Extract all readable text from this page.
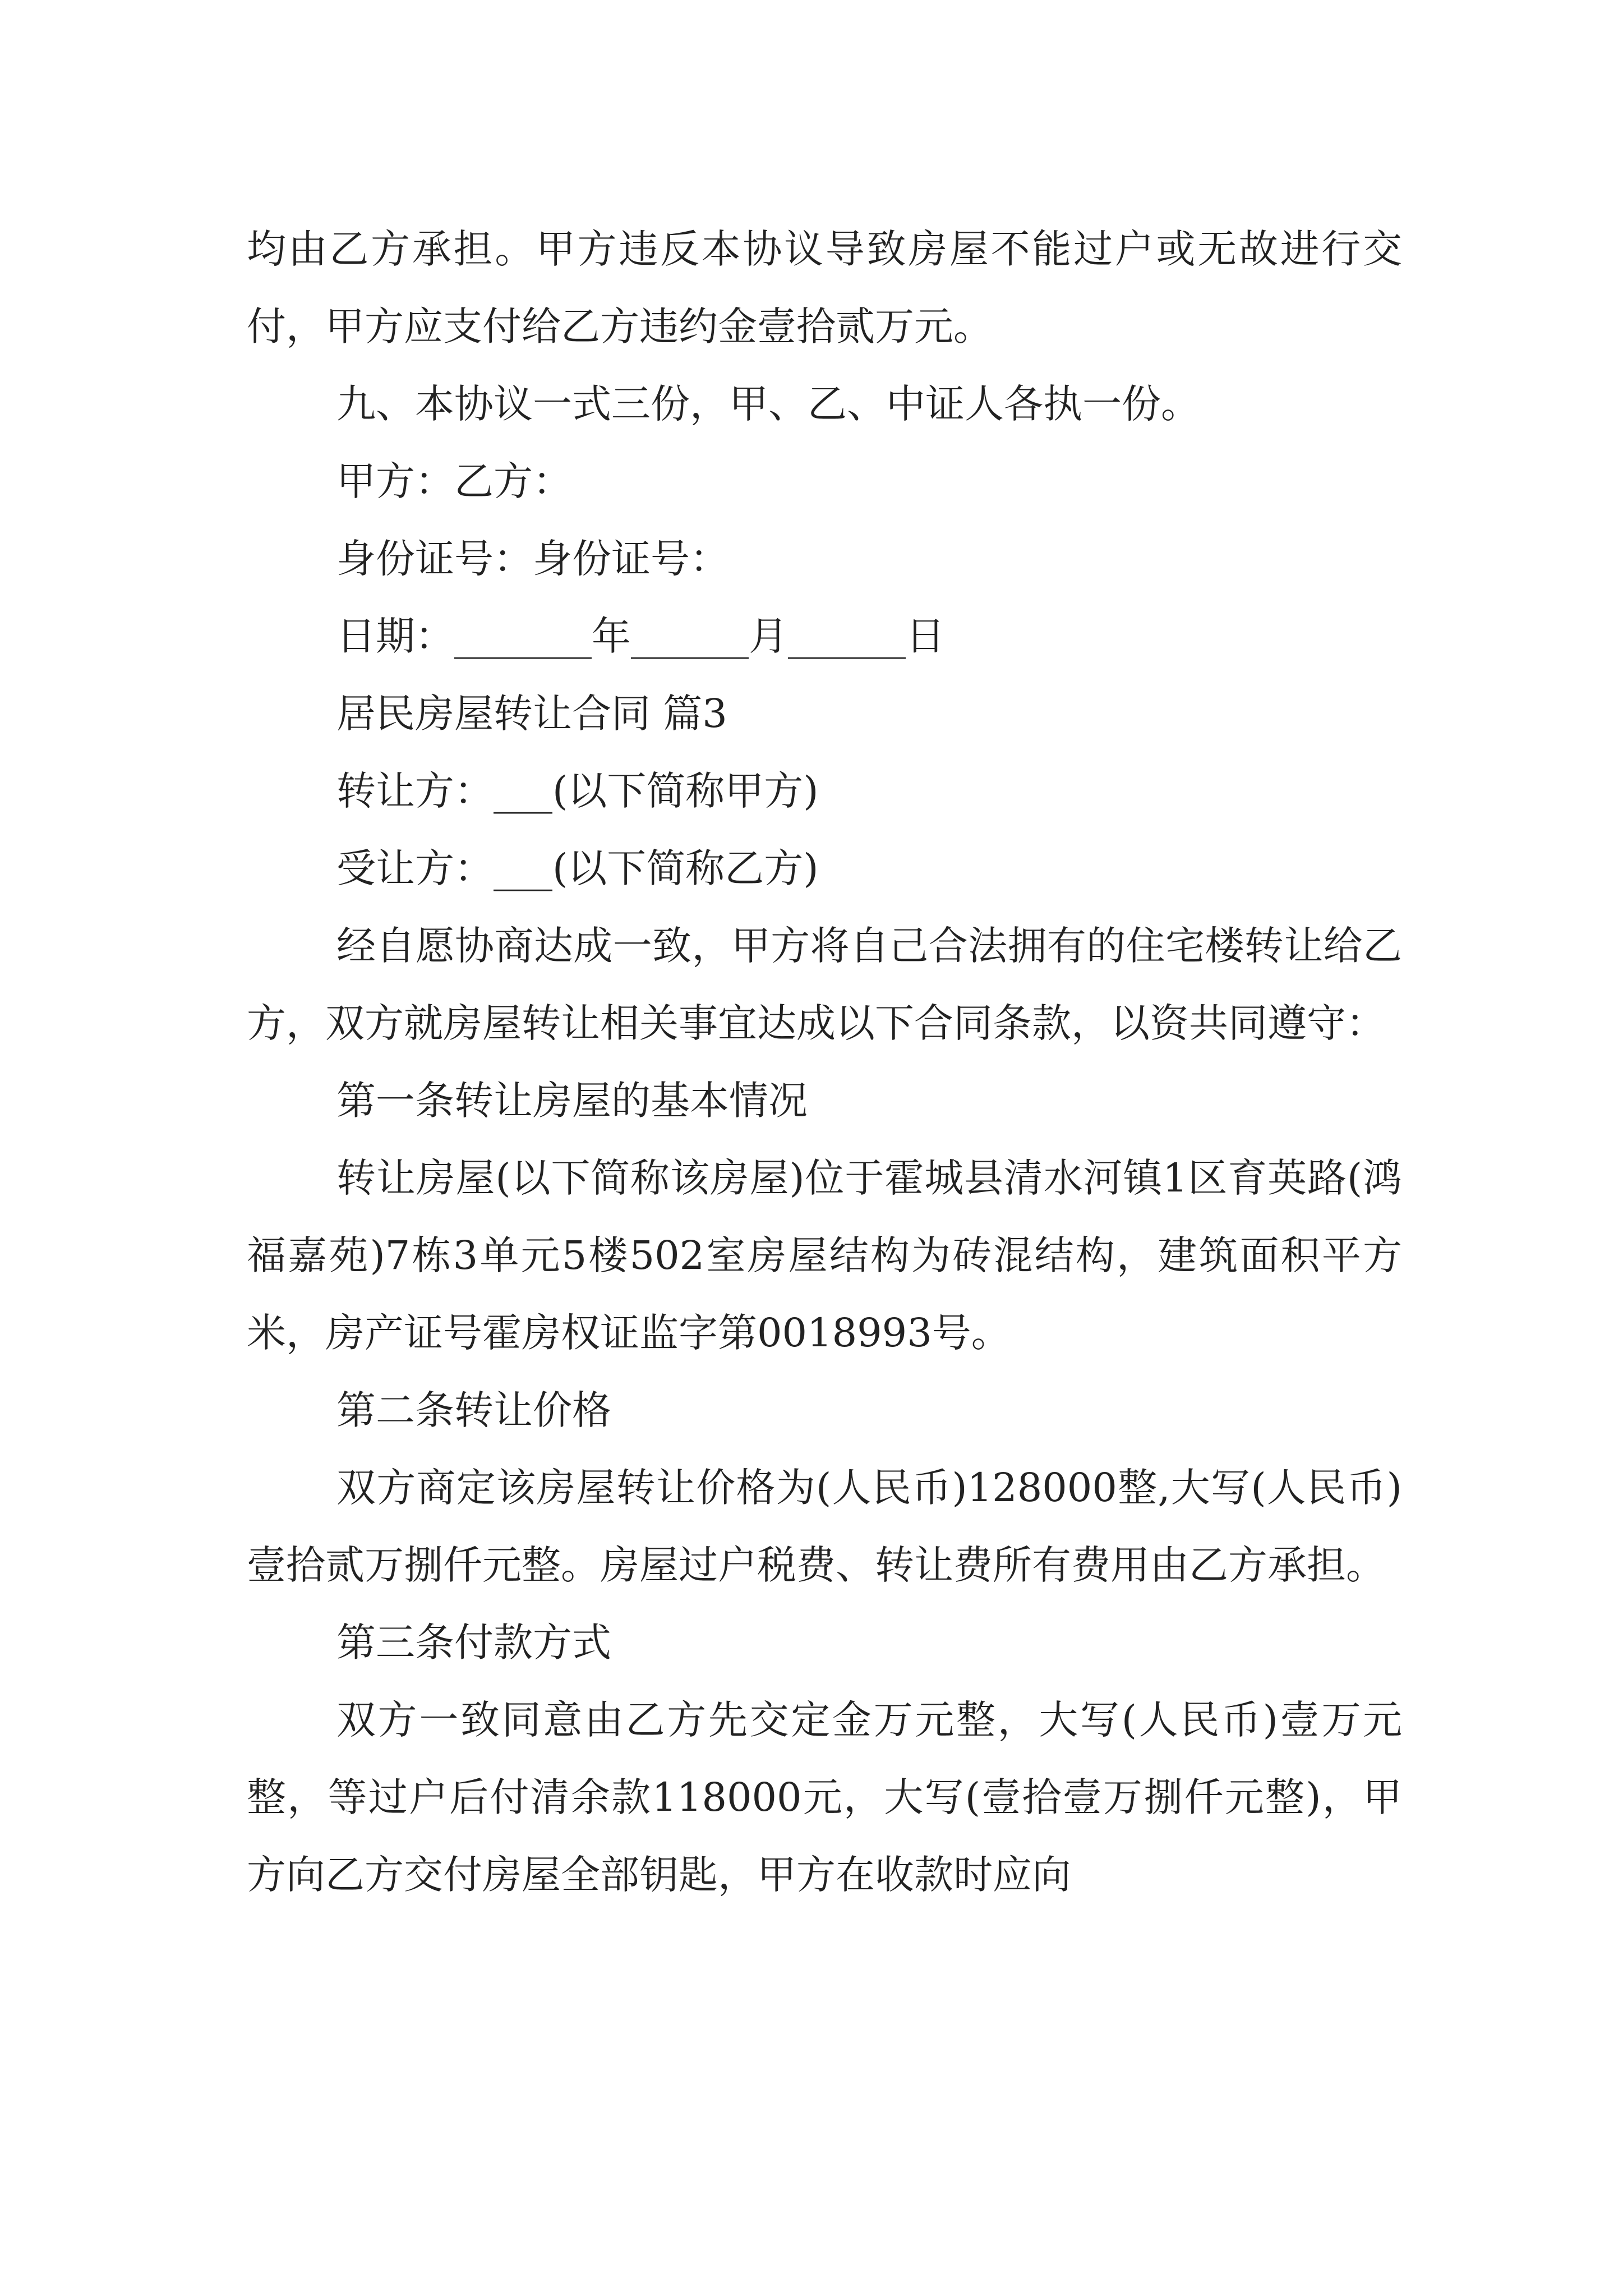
均由乙方承担。甲方违反本协议导致房屋不能过户或无故进行交付，甲方应支付给乙方违约金壹拾贰万元。

九、本协议一式三份，甲、乙、中证人各执一份。

甲方：乙方：

身份证号：身份证号：

日期：_______年______月______日

居民房屋转让合同 篇3

转让方：___(以下简称甲方)

受让方：___(以下简称乙方)

经自愿协商达成一致，甲方将自己合法拥有的住宅楼转让给乙方，双方就房屋转让相关事宜达成以下合同条款，以资共同遵守：

第一条转让房屋的基本情况

转让房屋(以下简称该房屋)位于霍城县清水河镇1区育英路(鸿福嘉苑)7栋3单元5楼502室房屋结构为砖混结构，建筑面积平方米，房产证号霍房权证监字第0018993号。

第二条转让价格

双方商定该房屋转让价格为(人民币)128000整,大写(人民币)壹拾贰万捌仟元整。房屋过户税费、转让费所有费用由乙方承担。

第三条付款方式

双方一致同意由乙方先交定金万元整，大写(人民币)壹万元整，等过户后付清余款118000元，大写(壹拾壹万捌仟元整)，甲方向乙方交付房屋全部钥匙，甲方在收款时应向
